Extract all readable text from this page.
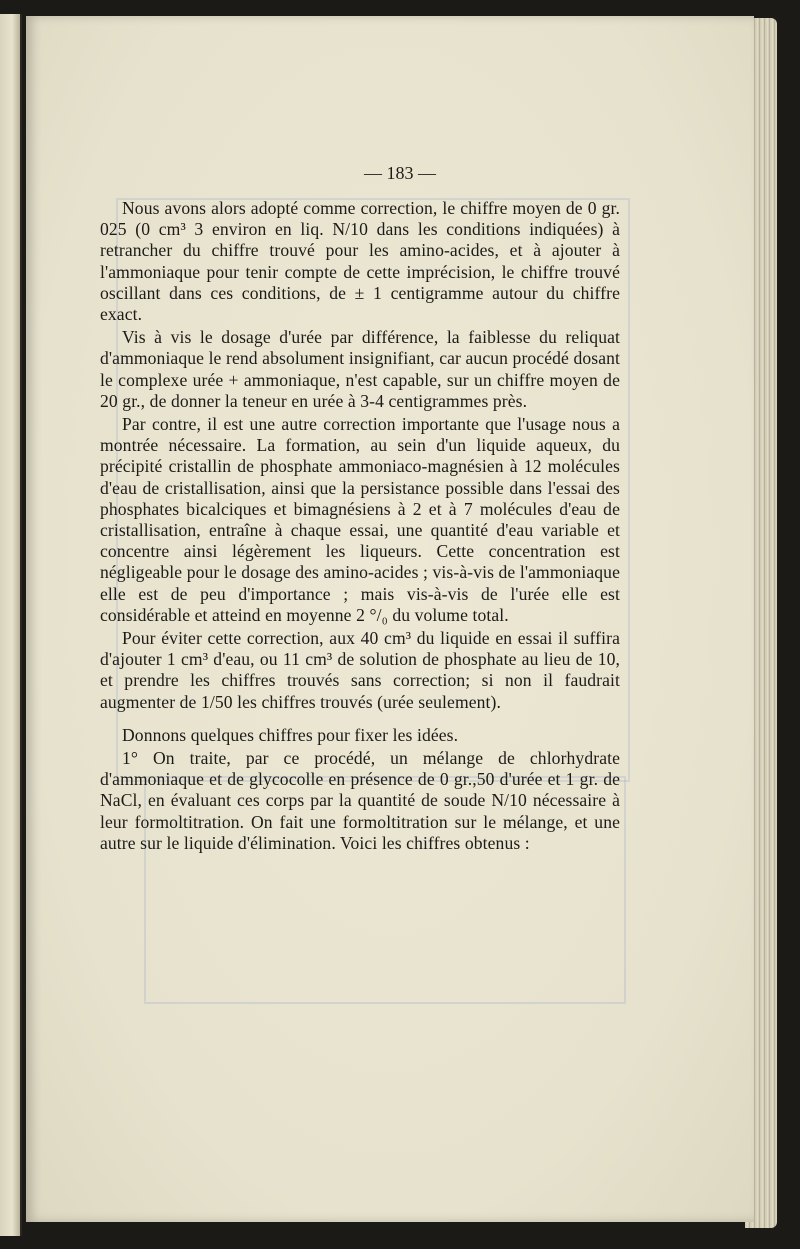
— 183 —

Nous avons alors adopté comme correction, le chiffre moyen de 0 gr. 025 (0 cm³ 3 environ en liq. N/10 dans les conditions indiquées) à retrancher du chiffre trouvé pour les amino-acides, et à ajouter à l'ammoniaque pour tenir compte de cette imprécision, le chiffre trouvé oscillant dans ces conditions, de ± 1 centigramme autour du chiffre exact.

Vis à vis le dosage d'urée par différence, la faiblesse du reliquat d'ammoniaque le rend absolument insignifiant, car aucun procédé dosant le complexe urée + ammoniaque, n'est capable, sur un chiffre moyen de 20 gr., de donner la teneur en urée à 3-4 centigrammes près.

Par contre, il est une autre correction importante que l'usage nous a montrée nécessaire. La formation, au sein d'un liquide aqueux, du précipité cristallin de phosphate ammoniaco-magnésien à 12 molécules d'eau de cristallisation, ainsi que la persistance possible dans l'essai des phosphates bicalciques et bimagnésiens à 2 et à 7 molécules d'eau de cristallisation, entraîne à chaque essai, une quantité d'eau variable et concentre ainsi légèrement les liqueurs. Cette concentration est négligeable pour le dosage des amino-acides ; vis-à-vis de l'ammoniaque elle est de peu d'importance ; mais vis-à-vis de l'urée elle est considérable et atteind en moyenne 2 °/₀ du volume total.

Pour éviter cette correction, aux 40 cm³ du liquide en essai il suffira d'ajouter 1 cm³ d'eau, ou 11 cm³ de solution de phosphate au lieu de 10, et prendre les chiffres trouvés sans correction; si non il faudrait augmenter de 1/50 les chiffres trouvés (urée seulement).

Donnons quelques chiffres pour fixer les idées.

1° On traite, par ce procédé, un mélange de chlorhydrate d'ammoniaque et de glycocolle en présence de 0 gr.,50 d'urée et 1 gr. de NaCl, en évaluant ces corps par la quantité de soude N/10 nécessaire à leur formoltitration. On fait une formoltitration sur le mélange, et une autre sur le liquide d'élimination. Voici les chiffres obtenus :
